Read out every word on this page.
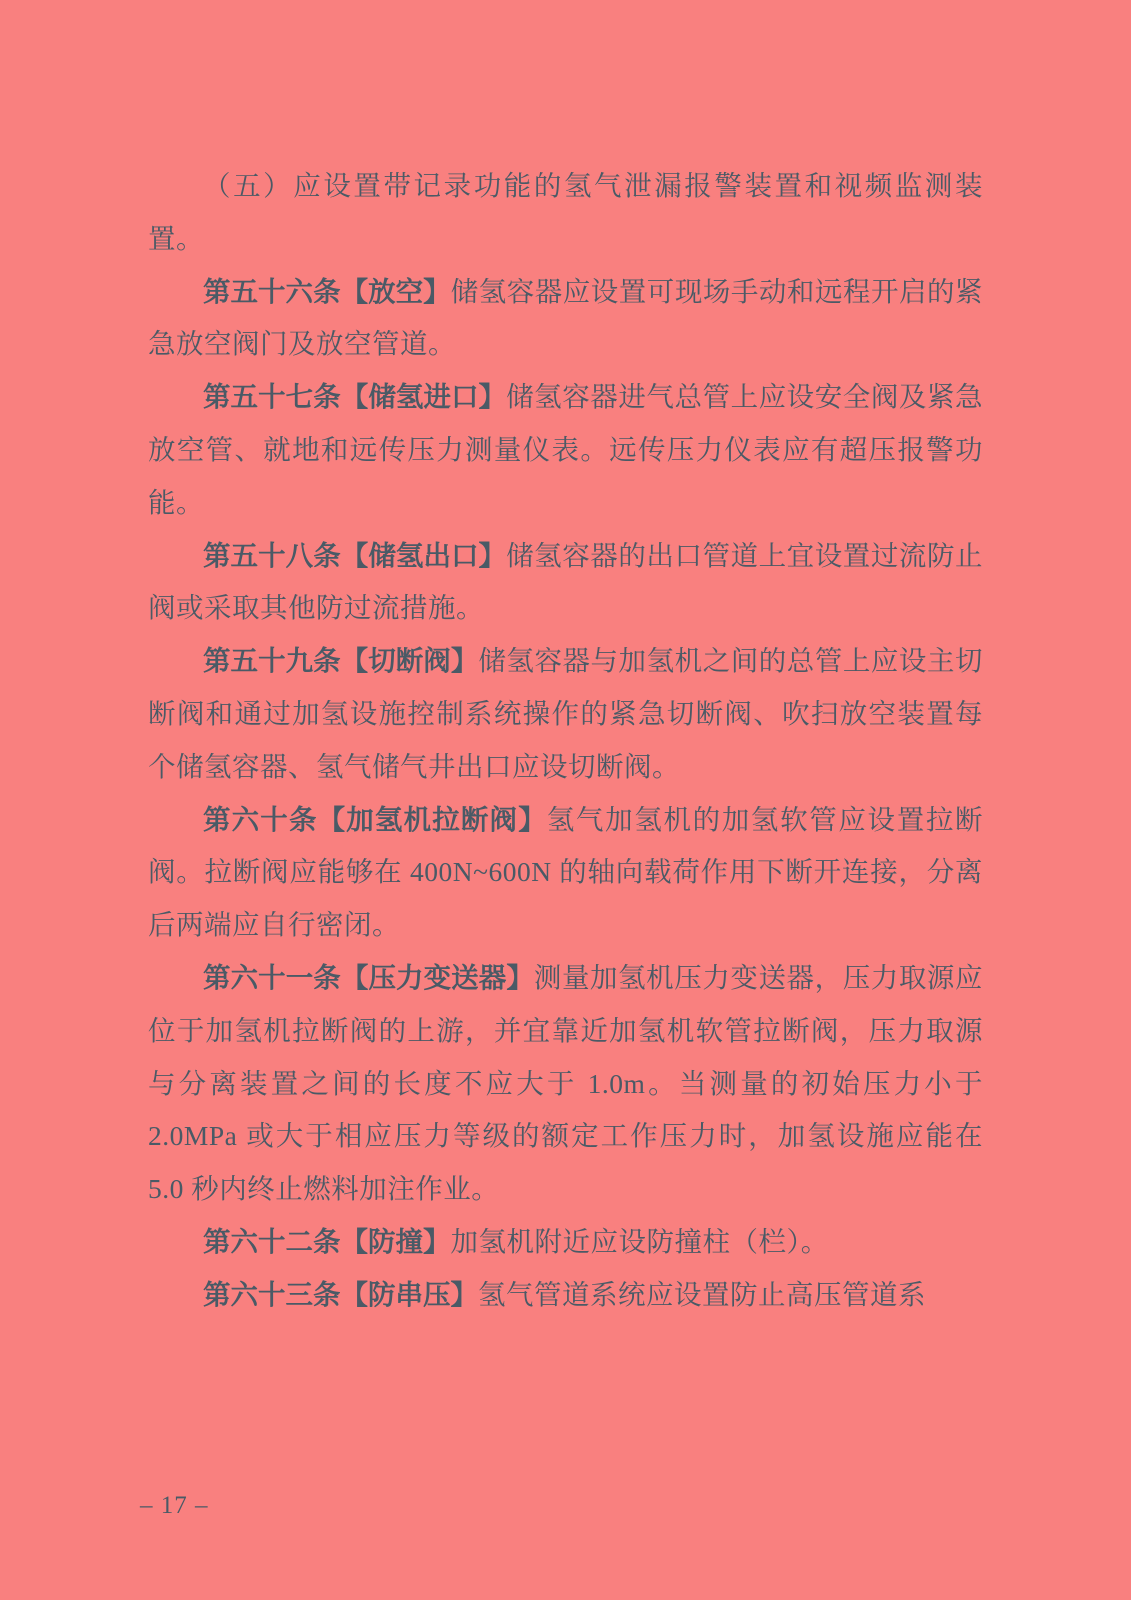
（五）应设置带记录功能的氢气泄漏报警装置和视频监测装置。

第五十六条【放空】储氢容器应设置可现场手动和远程开启的紧急放空阀门及放空管道。

第五十七条【储氢进口】储氢容器进气总管上应设安全阀及紧急放空管、就地和远传压力测量仪表。远传压力仪表应有超压报警功能。

第五十八条【储氢出口】储氢容器的出口管道上宜设置过流防止阀或采取其他防过流措施。

第五十九条【切断阀】储氢容器与加氢机之间的总管上应设主切断阀和通过加氢设施控制系统操作的紧急切断阀、吹扫放空装置每个储氢容器、氢气储气井出口应设切断阀。

第六十条【加氢机拉断阀】氢气加氢机的加氢软管应设置拉断阀。拉断阀应能够在 400N~600N 的轴向载荷作用下断开连接，分离后两端应自行密闭。

第六十一条【压力变送器】测量加氢机压力变送器，压力取源应位于加氢机拉断阀的上游，并宜靠近加氢机软管拉断阀，压力取源与分离装置之间的长度不应大于 1.0m。当测量的初始压力小于 2.0MPa 或大于相应压力等级的额定工作压力时，加氢设施应能在 5.0 秒内终止燃料加注作业。

第六十二条【防撞】加氢机附近应设防撞柱（栏）。

第六十三条【防串压】氢气管道系统应设置防止高压管道系

– 17 –
